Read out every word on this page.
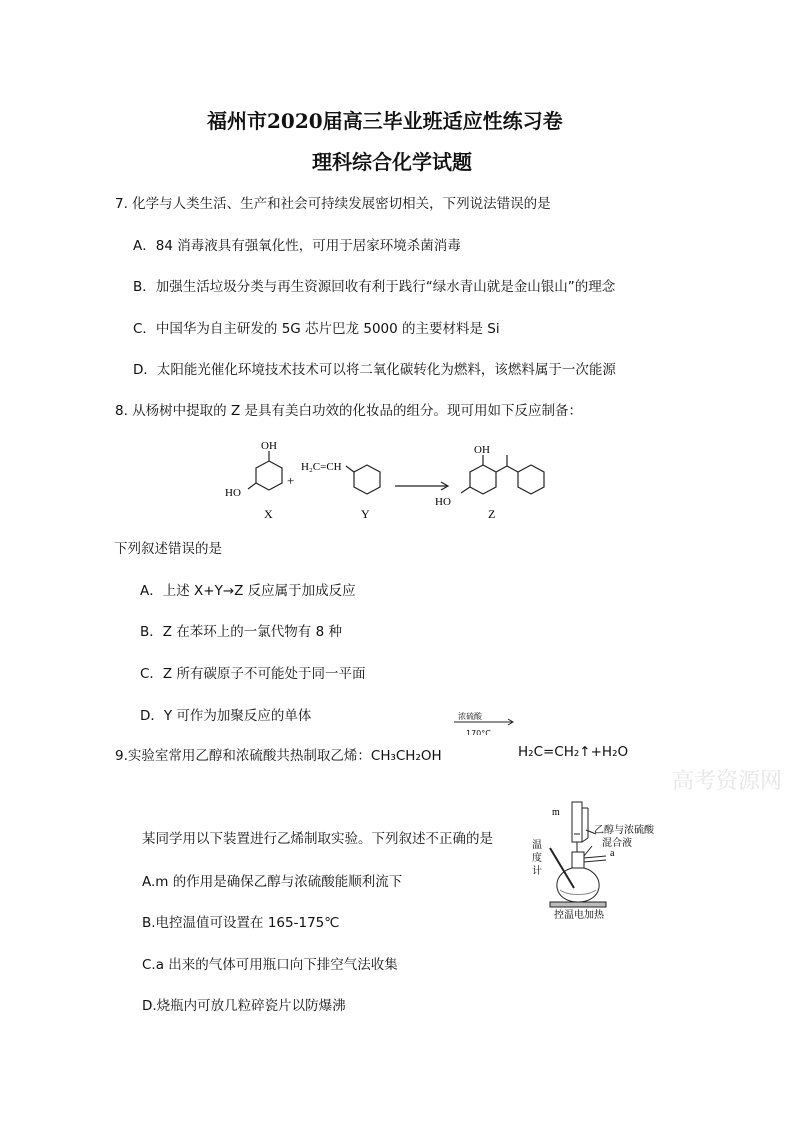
福州市2020届高三毕业班适应性练习卷
理科综合化学试题
7. 化学与人类生活、生产和社会可持续发展密切相关，下列说法错误的是
A．84 消毒液具有强氧化性，可用于居家环境杀菌消毒
B．加强生活垃圾分类与再生资源回收有利于践行“绿水青山就是金山银山”的理念
C．中国华为自主研发的 5G 芯片巴龙 5000 的主要材料是 Si
D．太阳能光催化环境技术技术可以将二氧化碳转化为燃料，该燃料属于一次能源
8. 从杨树中提取的 Z 是具有美白功效的化妆品的组分。现可用如下反应制备：
OH
HO
+
H₂C=CH
OH
HO
X	Y	Z
下列叙述错误的是
A．上述 X+Y→Z 反应属于加成反应
B．Z 在苯环上的一氯代物有 8 种
C．Z 所有碳原子不可能处于同一平面
D．Y 可作为加聚反应的单体	浓硫酸
170°C
9.实验室常用乙醇和浓硫酸共热制取乙烯：CH₃CH₂OH	H₂C=CH₂↑+H₂O
高考资源网
某同学用以下装置进行乙烯制取实验。下列叙述不正确的是
A.m 的作用是确保乙醇与浓硫酸能顺利流下
B.电控温值可设置在 165-175℃
C.a 出来的气体可用瓶口向下排空气法收集
D.烧瓶内可放几粒碎瓷片以防爆沸
m
a
乙醇与浓硫酸
混合液
温
度
计
控温电加热
